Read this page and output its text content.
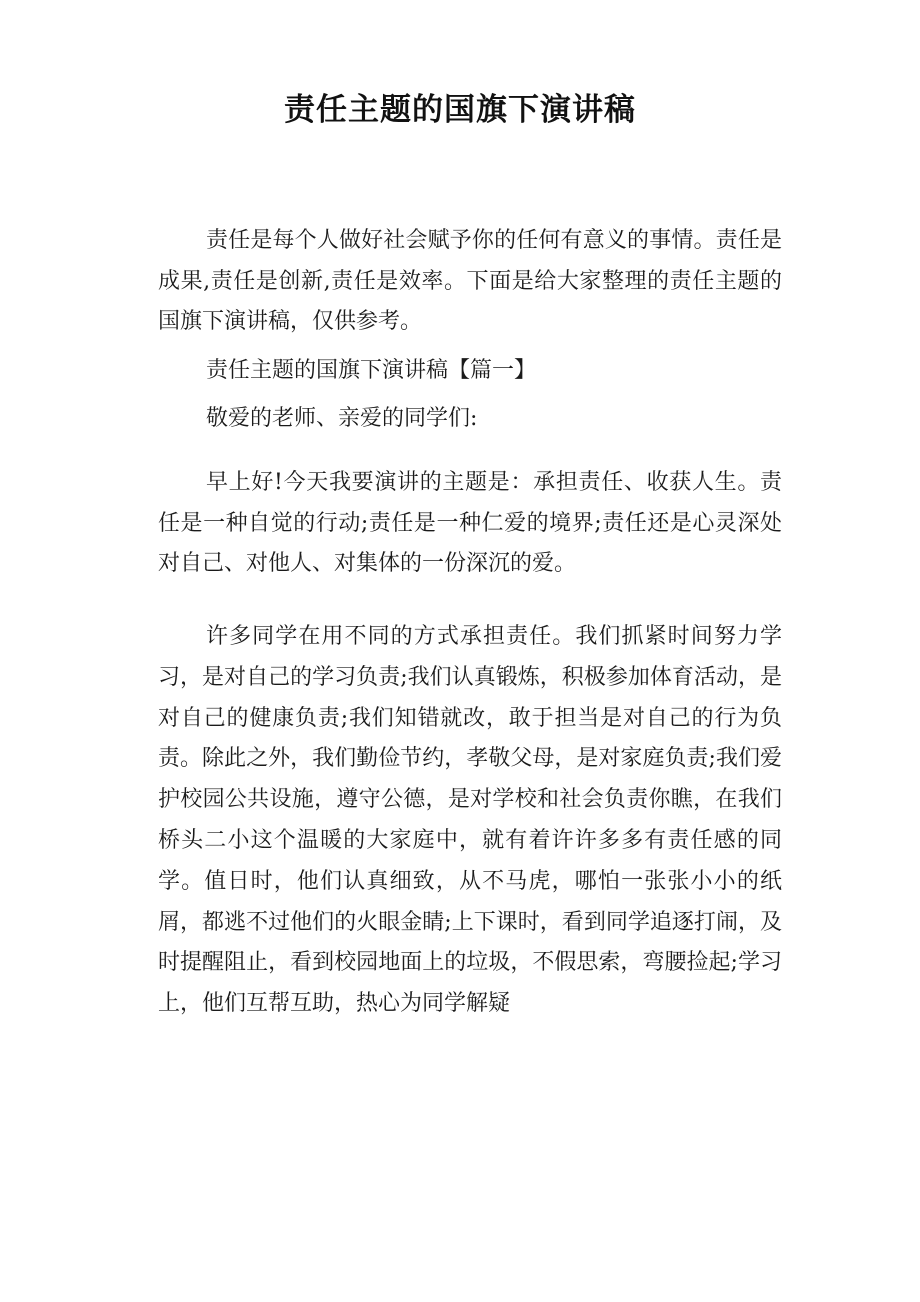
责任主题的国旗下演讲稿

责任是每个人做好社会赋予你的任何有意义的事情。责任是成果,责任是创新,责任是效率。下面是给大家整理的责任主题的国旗下演讲稿，仅供参考。

责任主题的国旗下演讲稿【篇一】

敬爱的老师、亲爱的同学们:

早上好!今天我要演讲的主题是：承担责任、收获人生。责任是一种自觉的行动;责任是一种仁爱的境界;责任还是心灵深处对自己、对他人、对集体的一份深沉的爱。

许多同学在用不同的方式承担责任。我们抓紧时间努力学习，是对自己的学习负责;我们认真锻炼，积极参加体育活动，是对自己的健康负责;我们知错就改，敢于担当是对自己的行为负责。除此之外，我们勤俭节约，孝敬父母，是对家庭负责;我们爱护校园公共设施，遵守公德，是对学校和社会负责你瞧，在我们桥头二小这个温暖的大家庭中，就有着许许多多有责任感的同学。值日时，他们认真细致，从不马虎，哪怕一张张小小的纸屑，都逃不过他们的火眼金睛;上下课时，看到同学追逐打闹，及时提醒阻止，看到校园地面上的垃圾，不假思索，弯腰捡起;学习上，他们互帮互助，热心为同学解疑
